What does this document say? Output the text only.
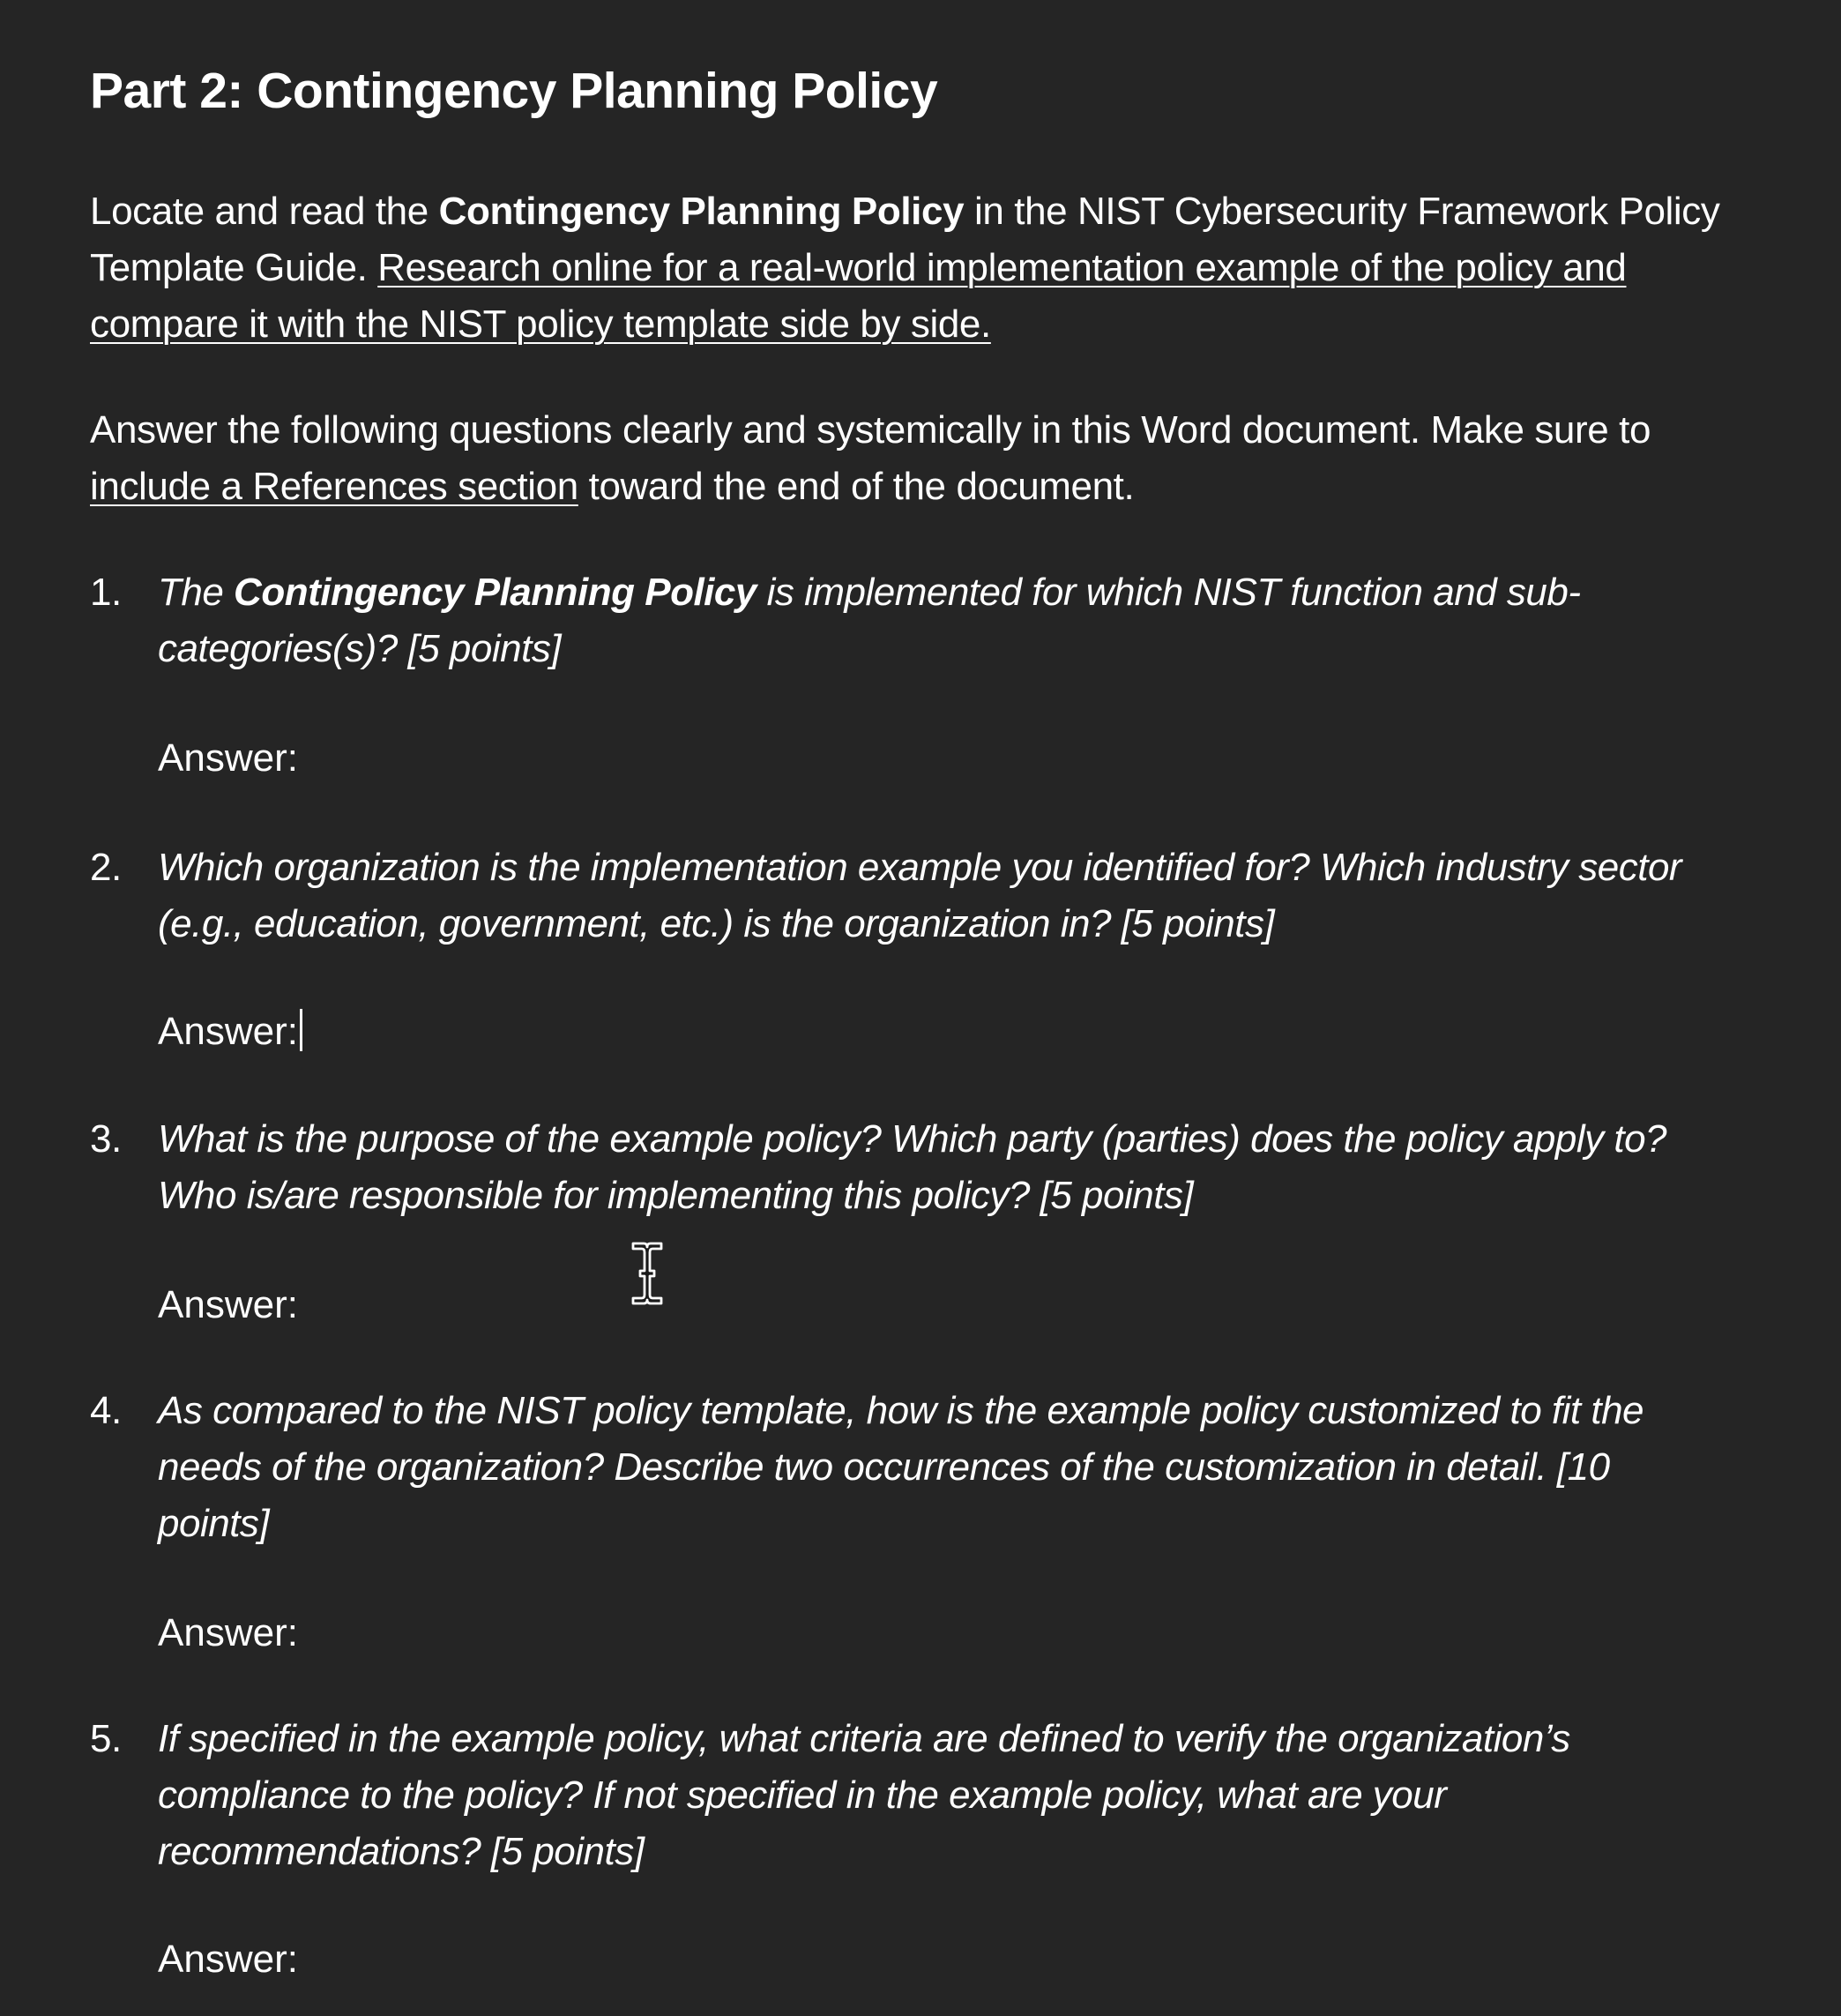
Part 2: Contingency Planning Policy
Locate and read the Contingency Planning Policy in the NIST Cybersecurity Framework Policy
Template Guide. Research online for a real-world implementation example of the policy and
compare it with the NIST policy template side by side.
Answer the following questions clearly and systemically in this Word document. Make sure to
include a References section toward the end of the document.
1. The Contingency Planning Policy is implemented for which NIST function and sub-
categories(s)? [5 points]
Answer:
2. Which organization is the implementation example you identified for? Which industry sector
(e.g., education, government, etc.) is the organization in? [5 points]
Answer:
3. What is the purpose of the example policy? Which party (parties) does the policy apply to?
Who is/are responsible for implementing this policy? [5 points]
Answer:
4. As compared to the NIST policy template, how is the example policy customized to fit the
needs of the organization? Describe two occurrences of the customization in detail. [10
points]
Answer:
5. If specified in the example policy, what criteria are defined to verify the organization’s
compliance to the policy? If not specified in the example policy, what are your
recommendations? [5 points]
Answer:
